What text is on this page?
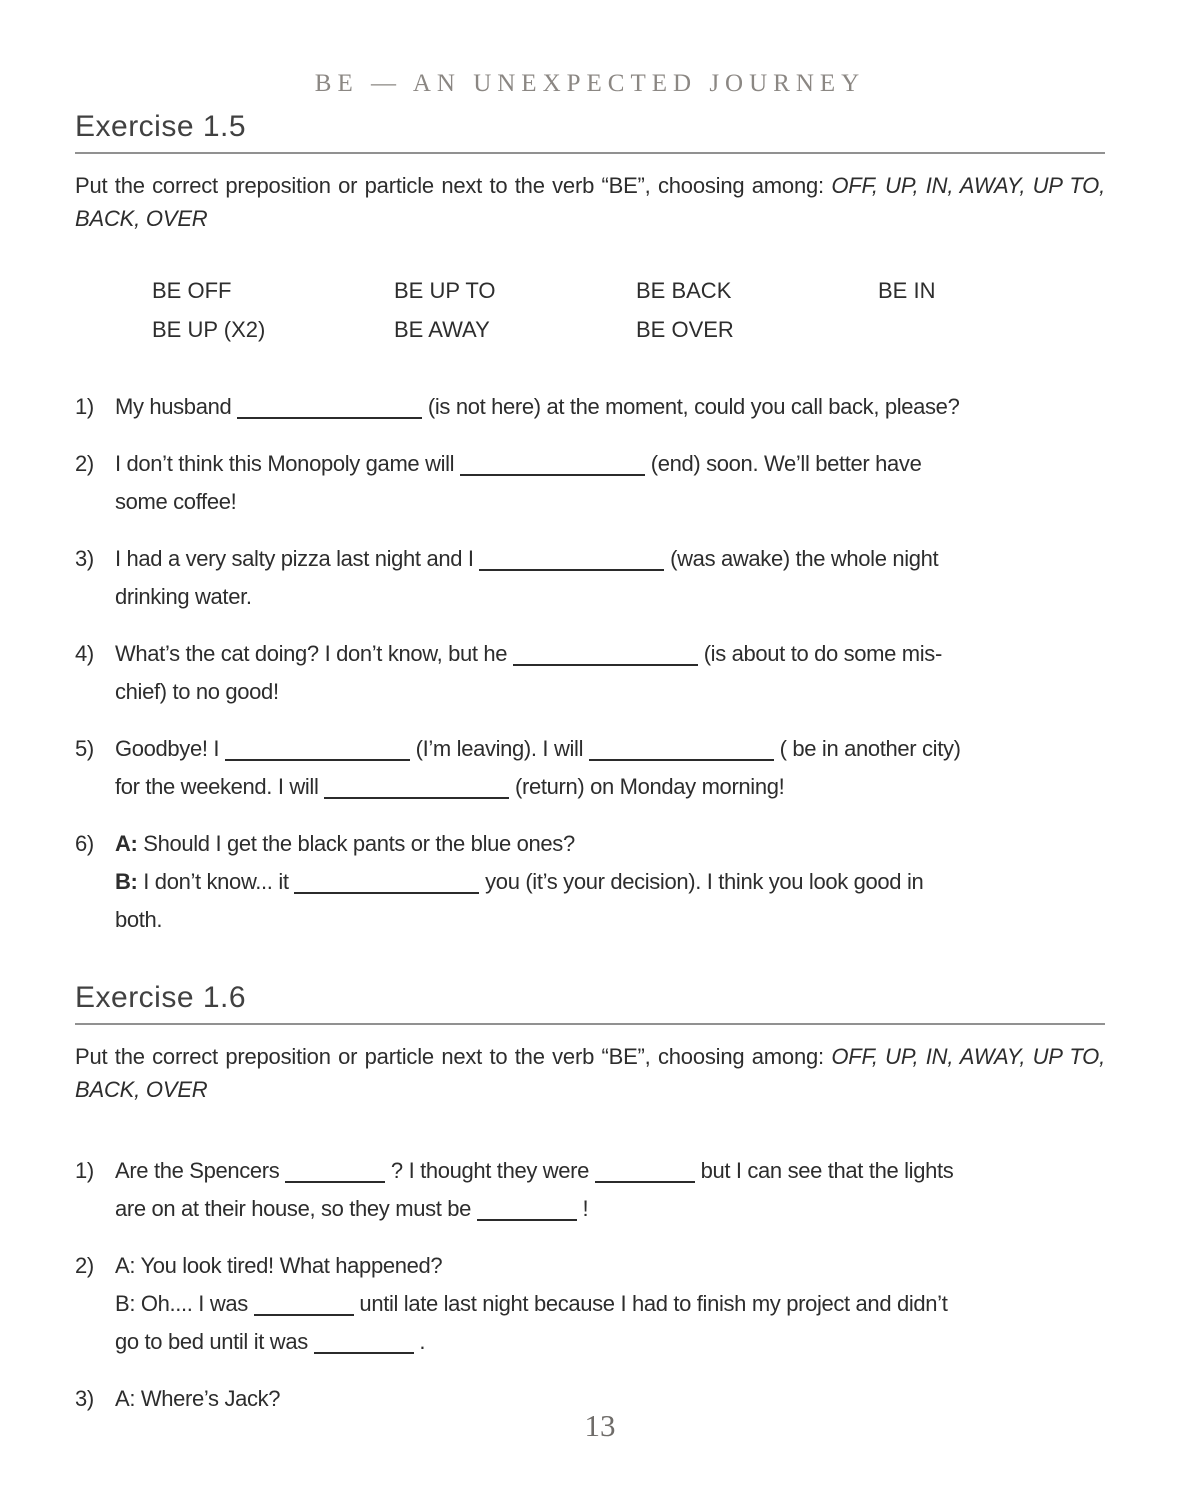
BE — AN UNEXPECTED JOURNEY
Exercise 1.5

Put the correct preposition or particle next to the verb “BE”, choosing among: OFF, UP, IN, AWAY, UP TO, BACK, OVER

BE OFF	BE UP TO	BE BACK	BE IN
BE UP (X2)	BE AWAY	BE OVER
1) My husband	(is not here) at the moment, could you call back, please?
2) I don’t think this Monopoly game will	(end) soon. We’ll better have
some coffee!
3) I had a very salty pizza last night and I	(was awake) the whole night
drinking water.
4) What’s the cat doing? I don’t know, but he	(is about to do some mis-
chief) to no good!
5) Goodbye! I	(I’m leaving). I will	( be in another city)
for the weekend. I will	(return) on Monday morning!
6) A: Should I get the black pants or the blue ones?
B: I don’t know... it	you (it’s your decision). I think you look good in
both.
Exercise 1.6

Put the correct preposition or particle next to the verb “BE”, choosing among: OFF, UP, IN, AWAY, UP TO, BACK, OVER

1) Are the Spencers	? I thought they were	but I can see that the lights
are on at their house, so they must be	!
2) A: You look tired! What happened?
B: Oh.... I was	until late last night because I had to finish my project and didn’t
go to bed until it was	.
3) A: Where’s Jack?
13
